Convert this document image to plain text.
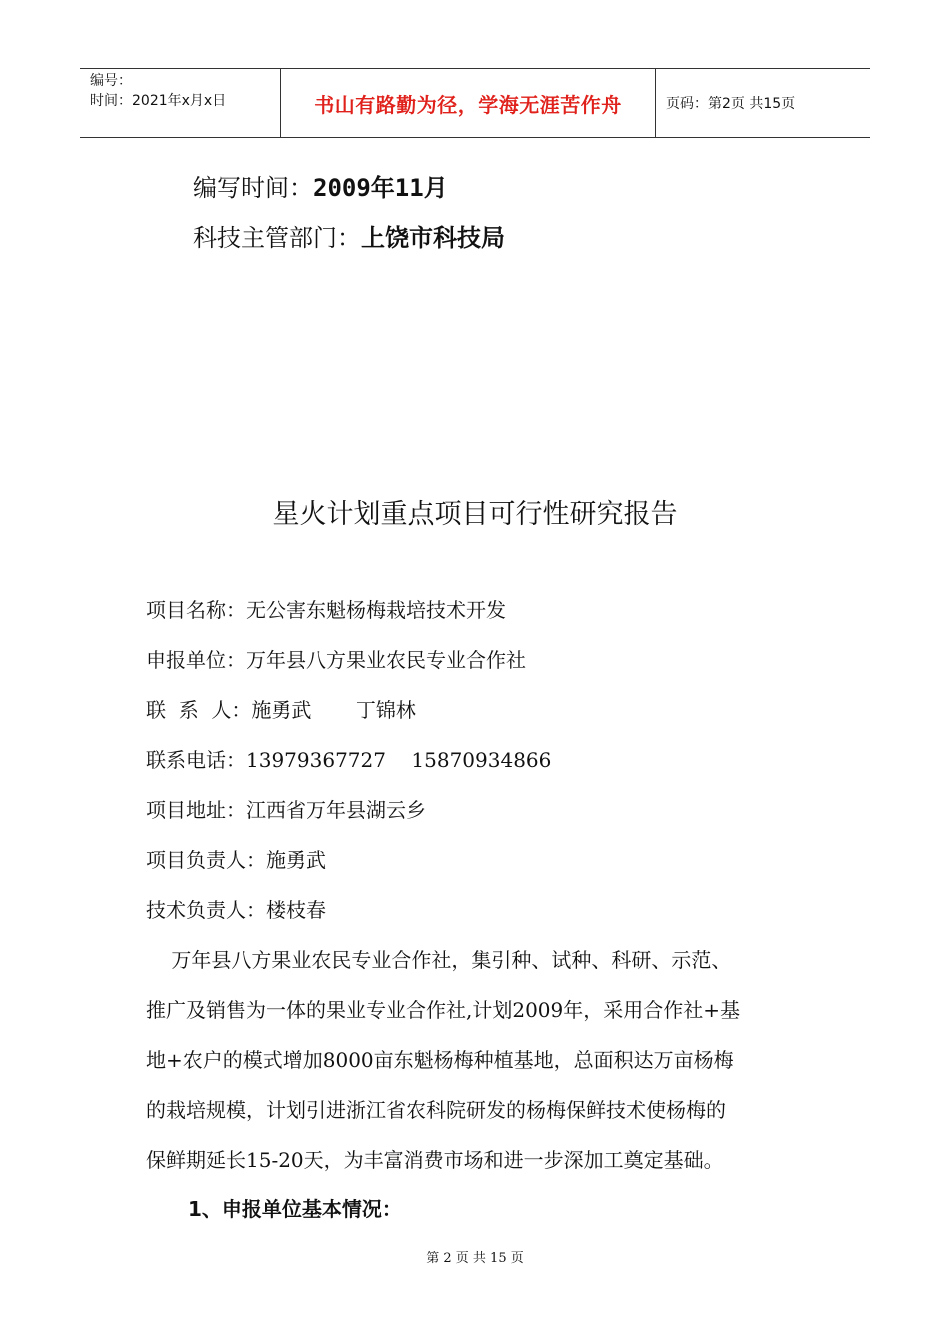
编号：
时间：2021年x月x日	书山有路勤为径，学海无涯苦作舟	页码：第2页 共15页
编写时间：2009年11月
科技主管部门：上饶市科技局
星火计划重点项目可行性研究报告
项目名称：无公害东魁杨梅栽培技术开发
申报单位：万年县八方果业农民专业合作社
联  系  人：施勇武       丁锦林
联系电话：13979367727    15870934866
项目地址：江西省万年县湖云乡
项目负责人：施勇武
技术负责人：楼枝春
万年县八方果业农民专业合作社，集引种、试种、科研、示范、
推广及销售为一体的果业专业合作社,计划2009年，采用合作社+基
地+农户的模式增加8000亩东魁杨梅种植基地，总面积达万亩杨梅
的栽培规模，计划引进浙江省农科院研发的杨梅保鲜技术使杨梅的
保鲜期延长15-20天，为丰富消费市场和进一步深加工奠定基础。
1、申报单位基本情况：
第 2 页 共 15 页
